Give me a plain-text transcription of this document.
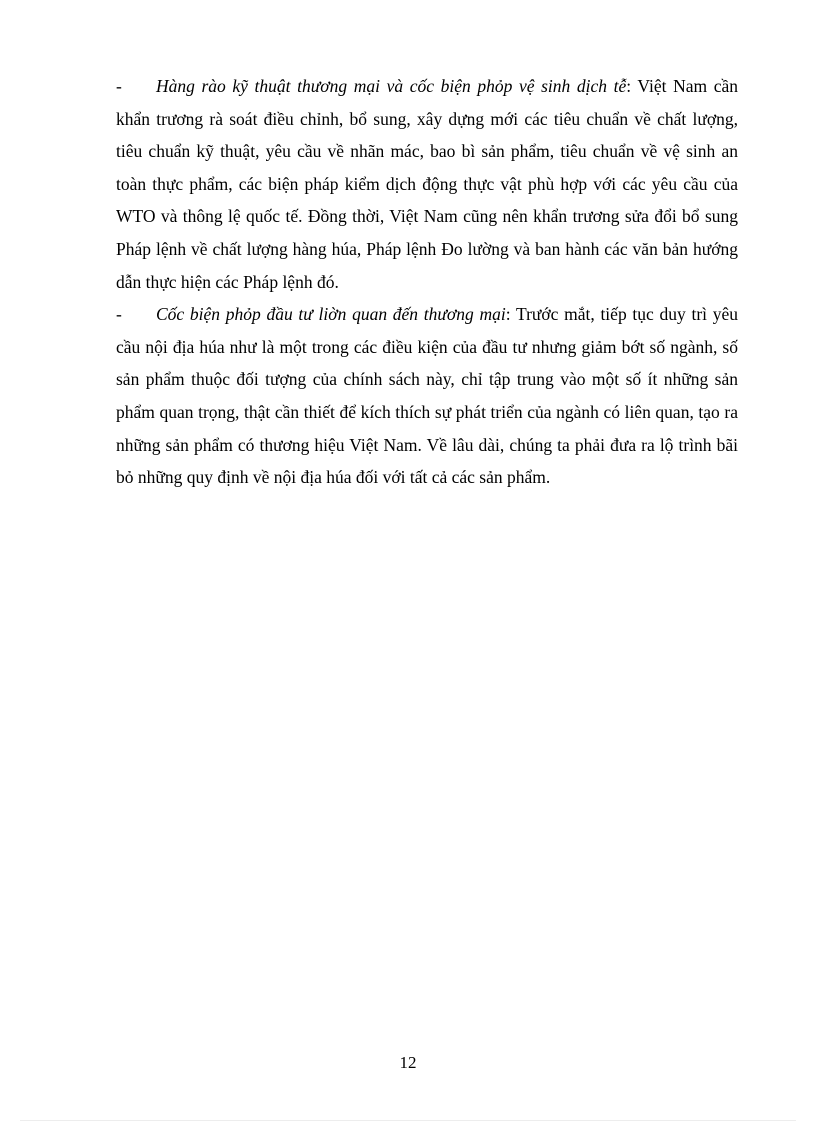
- Hàng rào kỹ thuật thương mại và cốc biện phỏp vệ sinh dịch tễ: Việt Nam cần khẩn trương rà soát điều chỉnh, bổ sung, xây dựng mới các tiêu chuẩn về chất lượng, tiêu chuẩn kỹ thuật, yêu cầu về nhãn mác, bao bì sản phẩm, tiêu chuẩn về vệ sinh an toàn thực phẩm, các biện pháp kiểm dịch động thực vật phù hợp với các yêu cầu của WTO và thông lệ quốc tế. Đồng thời, Việt Nam cũng nên khẩn trương sửa đổi bổ sung Pháp lệnh về chất lượng hàng húa, Pháp lệnh Đo lường và ban hành các văn bản hướng dẫn thực hiện các Pháp lệnh đó.

- Cốc biện phỏp đầu tư liờn quan đến thương mại: Trước mắt, tiếp tục duy trì yêu cầu nội địa húa như là một trong các điều kiện của đầu tư nhưng giảm bớt số ngành, số sản phẩm thuộc đối tượng của chính sách này, chỉ tập trung vào một số ít những sản phẩm quan trọng, thật cần thiết để kích thích sự phát triển của ngành có liên quan, tạo ra những sản phẩm có thương hiệu Việt Nam. Về lâu dài, chúng ta phải đưa ra lộ trình bãi bỏ những quy định về nội địa húa đối với tất cả các sản phẩm.

12
